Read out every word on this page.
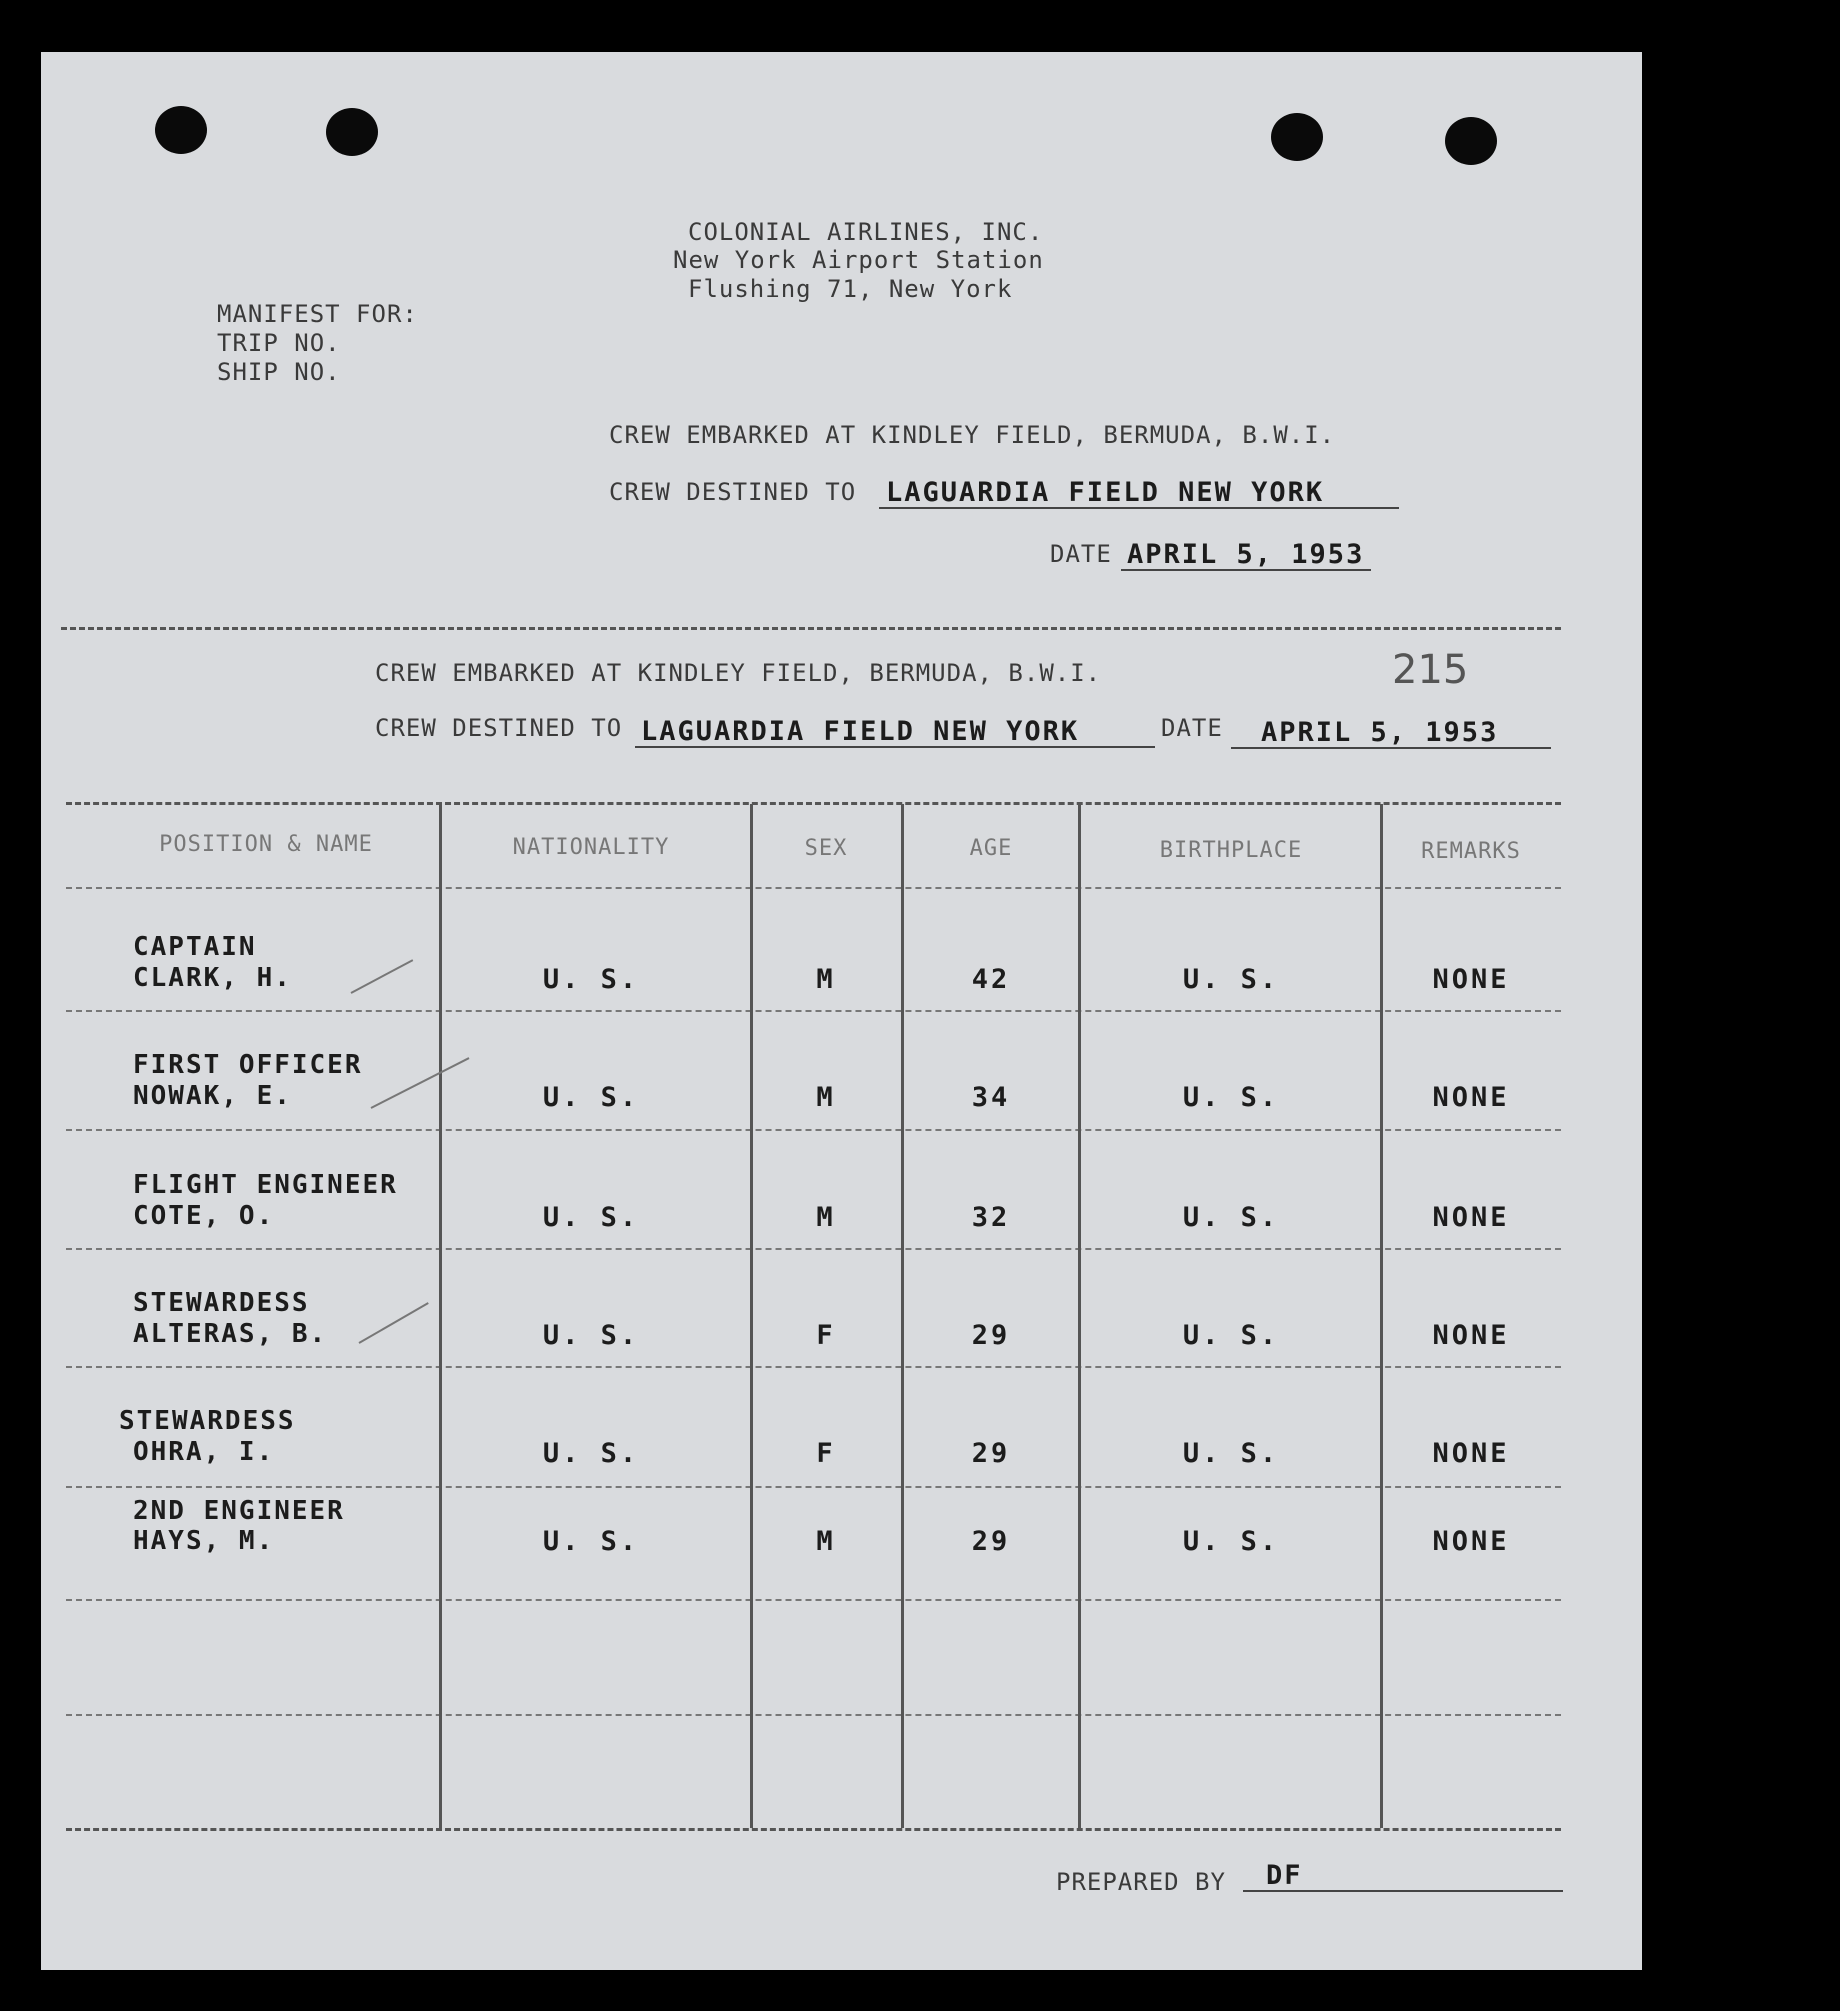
COLONIAL AIRLINES, INC.
New York Airport Station
Flushing 71, New York
MANIFEST FOR:
TRIP NO.
SHIP NO.
CREW EMBARKED AT KINDLEY FIELD, BERMUDA, B.W.I.
CREW DESTINED TO LAGUARDIA FIELD NEW YORK
DATE APRIL 5, 1953
CREW EMBARKED AT KINDLEY FIELD, BERMUDA, B.W.I.	215
CREW DESTINED TO LAGUARDIA FIELD NEW YORK	DATE APRIL 5, 1953
POSITION & NAME	NATIONALITY	SEX	AGE	BIRTHPLACE	REMARKS
CAPTAIN
CLARK, H.	U. S.	M	42	U. S.	NONE
FIRST OFFICER
NOWAK, E.	U. S.	M	34	U. S.	NONE
FLIGHT ENGINEER
COTE, O.	U. S.	M	32	U. S.	NONE
STEWARDESS
ALTERAS, B.	U. S.	F	29	U. S.	NONE
STEWARDESS
OHRA, I.	U. S.	F	29	U. S.	NONE
2ND ENGINEER
HAYS, M.	U. S.	M	29	U. S.	NONE
PREPARED BY DF
